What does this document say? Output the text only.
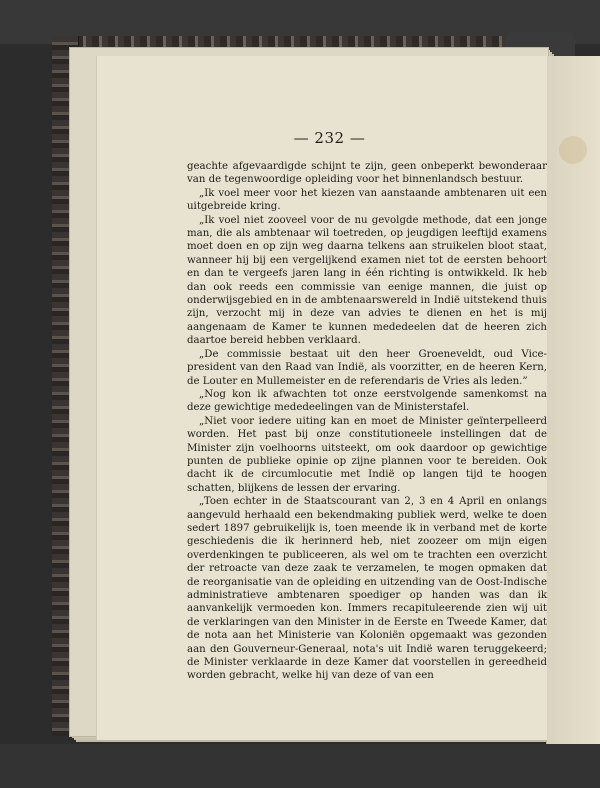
— 232 —

geachte afgevaardigde schijnt te zijn, geen onbeperkt bewonderaar van de tegenwoordige opleiding voor het binnenlandsch bestuur.

„Ik voel meer voor het kiezen van aanstaande ambtenaren uit een uitgebreide kring.

„Ik voel niet zooveel voor de nu gevolgde methode, dat een jonge man, die als ambtenaar wil toetreden, op jeugdigen leeftijd examens moet doen en op zijn weg daarna telkens aan struikelen bloot staat, wanneer hij bij een vergelijkend examen niet tot de eersten behoort en dan te vergeefs jaren lang in één richting is ontwikkeld. Ik heb dan ook reeds een commissie van eenige mannen, die juist op onderwijsgebied en in de ambtenaarswereld in Indië uitstekend thuis zijn, verzocht mij in deze van advies te dienen en het is mij aangenaam de Kamer te kunnen mededeelen dat de heeren zich daartoe bereid hebben verklaard.

„De commissie bestaat uit den heer Groeneveldt, oud Vice-president van den Raad van Indië, als voorzitter, en de heeren Kern, de Louter en Mullemeister en de referendaris de Vries als leden.”

„Nog kon ik afwachten tot onze eerstvolgende samenkomst na deze gewichtige mededeelingen van de Ministerstafel.

„Niet voor iedere uiting kan en moet de Minister geïnterpelleerd worden. Het past bij onze constitutioneele instellingen dat de Minister zijn voelhoorns uitsteekt, om ook daardoor op gewichtige punten de publieke opinie op zijne plannen voor te bereiden. Ook dacht ik de circumlocutie met Indië op langen tijd te hoogen schatten, blijkens de lessen der ervaring.

„Toen echter in de Staatscourant van 2, 3 en 4 April en onlangs aangevuld herhaald een bekendmaking publiek werd, welke te doen sedert 1897 gebruikelijk is, toen meende ik in verband met de korte geschiedenis die ik herinnerd heb, niet zoozeer om mijn eigen overdenkingen te publiceeren, als wel om te trachten een overzicht der retroacte van deze zaak te verzamelen, te mogen opmaken dat de reorganisatie van de opleiding en uitzending van de Oost-Indische administratieve ambtenaren spoediger op handen was dan ik aanvankelijk vermoeden kon. Immers recapituleerende zien wij uit de verklaringen van den Minister in de Eerste en Tweede Kamer, dat de nota aan het Ministerie van Koloniën opgemaakt was gezonden aan den Gouverneur-Generaal, nota's uit Indië waren teruggekeerd; de Minister verklaarde in deze Kamer dat voorstellen in gereedheid worden gebracht, welke hij van deze of van een
